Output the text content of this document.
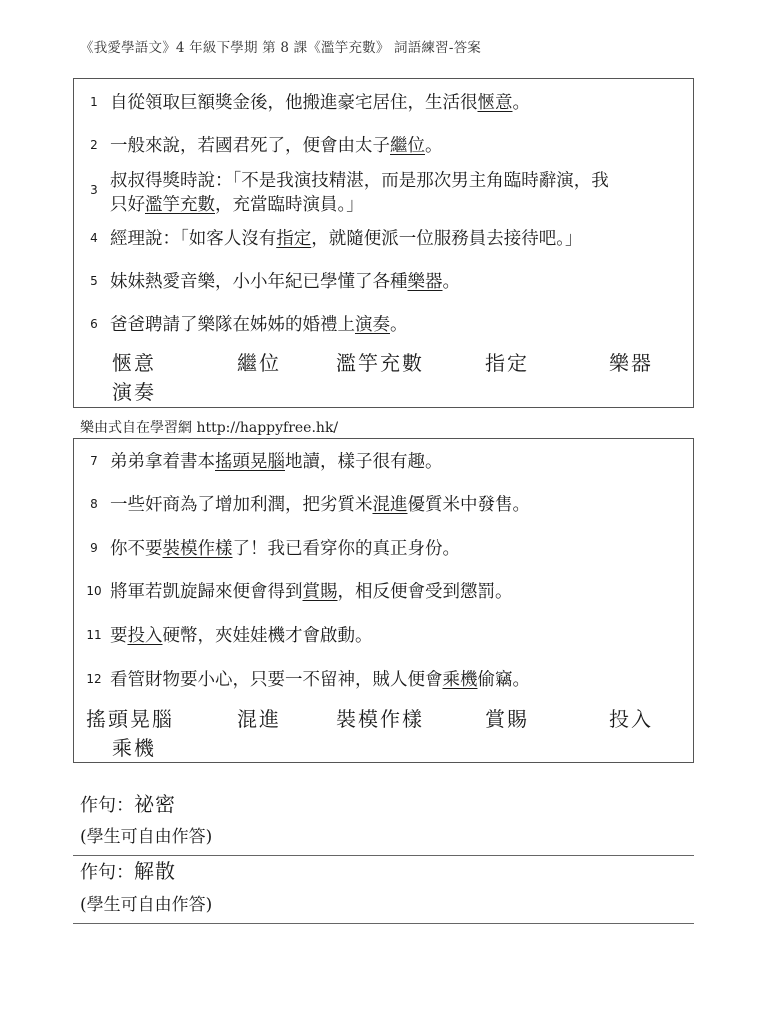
《我愛學語文》4 年級下學期 第 8 課《濫竽充數》 詞語練習-答案
1 自從領取巨額獎金後，他搬進豪宅居住，生活很愜意。
2 一般來說，若國君死了，便會由太子繼位。
3 叔叔得獎時說：「不是我演技精湛，而是那次男主角臨時辭演，我
只好濫竽充數，充當臨時演員。」
4 經理說：「如客人沒有指定，就隨便派一位服務員去接待吧。」
5 妹妹熱愛音樂，小小年紀已學懂了各種樂器。
6 爸爸聘請了樂隊在姊姊的婚禮上演奏。
愜意	繼位	濫竽充數	指定	樂器
演奏
樂由式自在學習網 http://happyfree.hk/
7 弟弟拿着書本搖頭晃腦地讀，樣子很有趣。
8 一些奸商為了增加利潤，把劣質米混進優質米中發售。
9 你不要裝模作樣了！我已看穿你的真正身份。
10 將軍若凱旋歸來便會得到賞賜，相反便會受到懲罰。
11 要投入硬幣，夾娃娃機才會啟動。
12 看管財物要小心，只要一不留神，賊人便會乘機偷竊。
搖頭晃腦	混進	裝模作樣	賞賜	投入
乘機
作句：祕密
(學生可自由作答)
作句：解散
(學生可自由作答)
